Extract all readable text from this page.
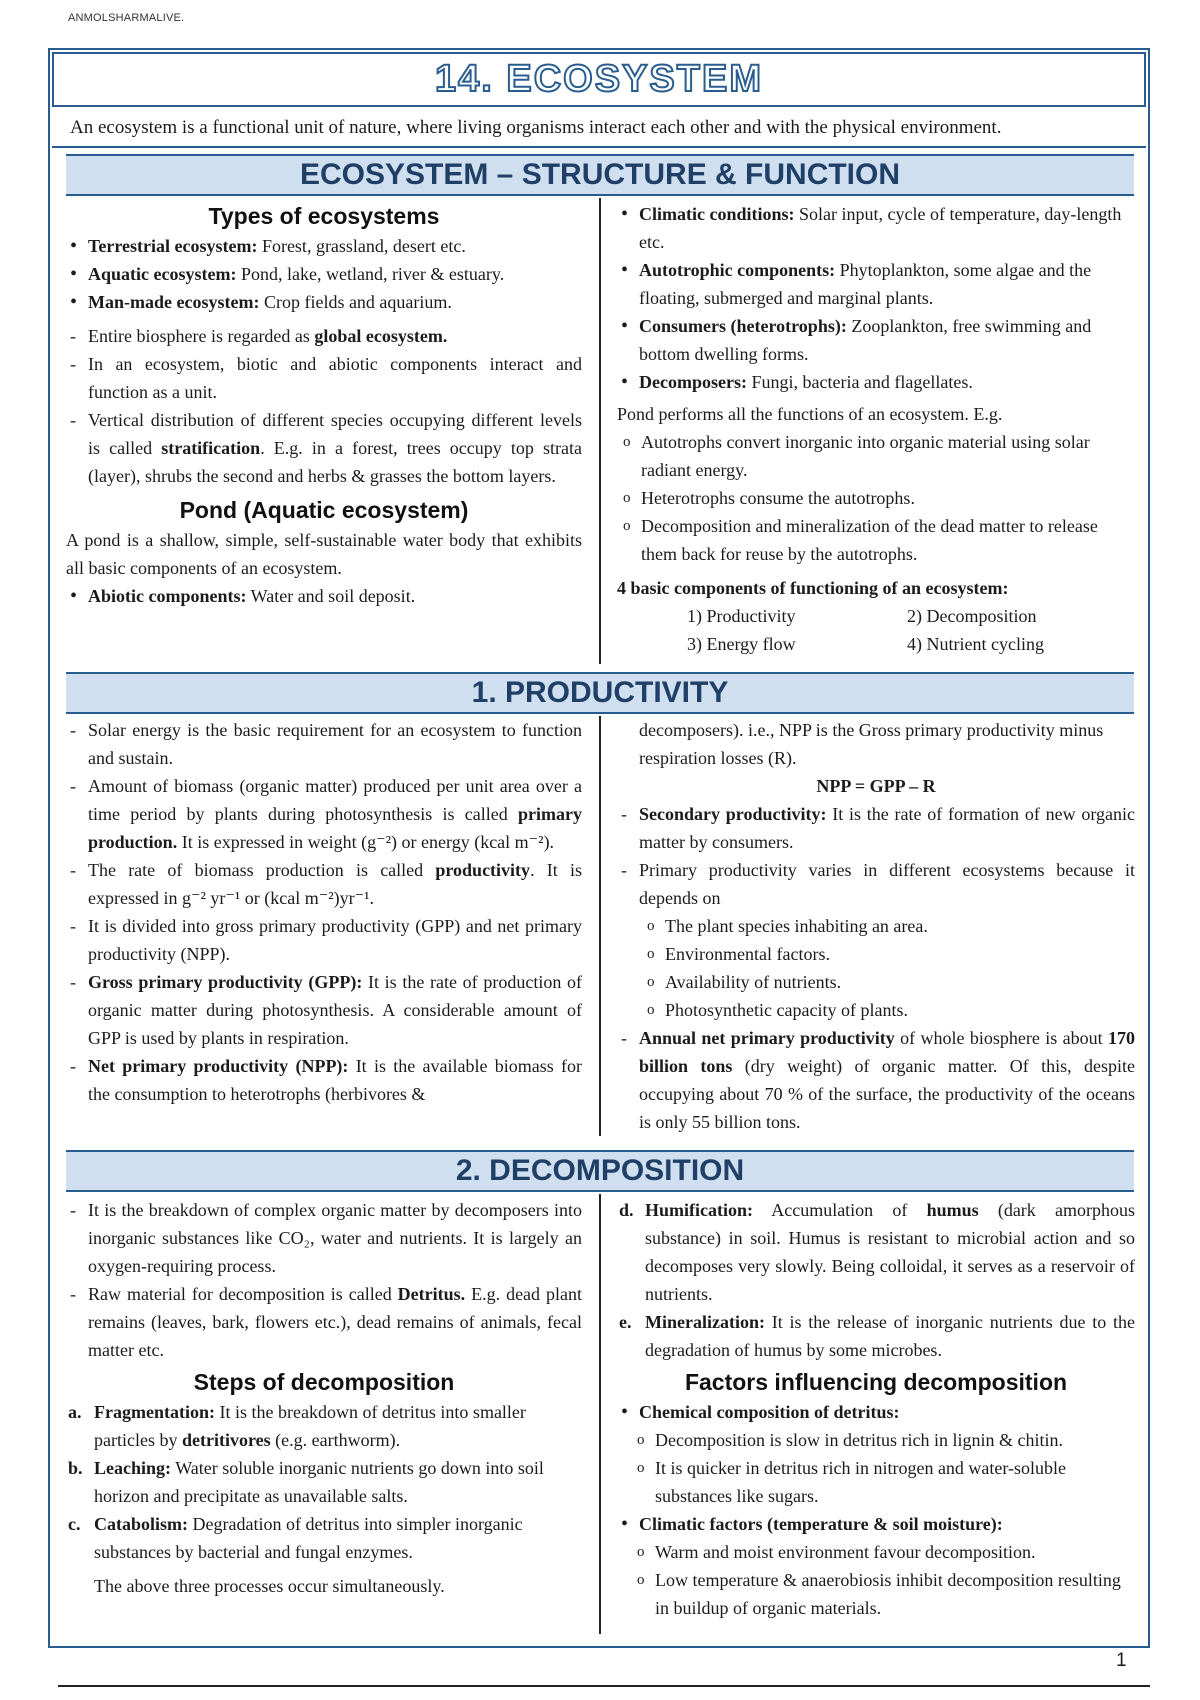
ANMOLSHARMALIVE.
14. ECOSYSTEM
An ecosystem is a functional unit of nature, where living organisms interact each other and with the physical environment.
ECOSYSTEM – STRUCTURE & FUNCTION
Types of ecosystems
• Terrestrial ecosystem: Forest, grassland, desert etc.
• Aquatic ecosystem: Pond, lake, wetland, river & estuary.
• Man-made ecosystem: Crop fields and aquarium.
- Entire biosphere is regarded as global ecosystem.
- In an ecosystem, biotic and abiotic components interact and function as a unit.
- Vertical distribution of different species occupying different levels is called stratification. E.g. in a forest, trees occupy top strata (layer), shrubs the second and herbs & grasses the bottom layers.
Pond (Aquatic ecosystem)

A pond is a shallow, simple, self-sustainable water body that exhibits all basic components of an ecosystem.

• Abiotic components: Water and soil deposit.
• Climatic conditions: Solar input, cycle of temperature, day-length etc.
• Autotrophic components: Phytoplankton, some algae and the floating, submerged and marginal plants.
• Consumers (heterotrophs): Zooplankton, free swimming and bottom dwelling forms.
• Decomposers: Fungi, bacteria and flagellates.

Pond performs all the functions of an ecosystem. E.g.

o Autotrophs convert inorganic into organic material using solar radiant energy.
o Heterotrophs consume the autotrophs.
o Decomposition and mineralization of the dead matter to release them back for reuse by the autotrophs.

4 basic components of functioning of an ecosystem:

1) Productivity	2) Decomposition
3) Energy flow	4) Nutrient cycling
1. PRODUCTIVITY
- Solar energy is the basic requirement for an ecosystem to function and sustain.
- Amount of biomass (organic matter) produced per unit area over a time period by plants during photosynthesis is called primary production. It is expressed in weight (g⁻²) or energy (kcal m⁻²).
- The rate of biomass production is called productivity. It is expressed in g⁻² yr⁻¹ or (kcal m⁻²)yr⁻¹.
- It is divided into gross primary productivity (GPP) and net primary productivity (NPP).
- Gross primary productivity (GPP): It is the rate of production of organic matter during photosynthesis. A considerable amount of GPP is used by plants in respiration.
- Net primary productivity (NPP): It is the available biomass for the consumption to heterotrophs (herbivores &

decomposers). i.e., NPP is the Gross primary productivity minus respiration losses (R).

NPP = GPP – R

- Secondary productivity: It is the rate of formation of new organic matter by consumers.
- Primary productivity varies in different ecosystems because it depends on
o The plant species inhabiting an area.
o Environmental factors.
o Availability of nutrients.
o Photosynthetic capacity of plants.
- Annual net primary productivity of whole biosphere is about 170 billion tons (dry weight) of organic matter. Of this, despite occupying about 70 % of the surface, the productivity of the oceans is only 55 billion tons.
2. DECOMPOSITION
- It is the breakdown of complex organic matter by decomposers into inorganic substances like CO₂, water and nutrients. It is largely an oxygen-requiring process.
- Raw material for decomposition is called Detritus. E.g. dead plant remains (leaves, bark, flowers etc.), dead remains of animals, fecal matter etc.
Steps of decomposition
a. Fragmentation: It is the breakdown of detritus into smaller particles by detritivores (e.g. earthworm).
b. Leaching: Water soluble inorganic nutrients go down into soil horizon and precipitate as unavailable salts.
c. Catabolism: Degradation of detritus into simpler inorganic substances by bacterial and fungal enzymes.

The above three processes occur simultaneously.

d. Humification: Accumulation of humus (dark amorphous substance) in soil. Humus is resistant to microbial action and so decomposes very slowly. Being colloidal, it serves as a reservoir of nutrients.
e. Mineralization: It is the release of inorganic nutrients due to the degradation of humus by some microbes.
Factors influencing decomposition
• Chemical composition of detritus:
o Decomposition is slow in detritus rich in lignin & chitin.
o It is quicker in detritus rich in nitrogen and water-soluble substances like sugars.
• Climatic factors (temperature & soil moisture):
o Warm and moist environment favour decomposition.
o Low temperature & anaerobiosis inhibit decomposition resulting in buildup of organic materials.
1
